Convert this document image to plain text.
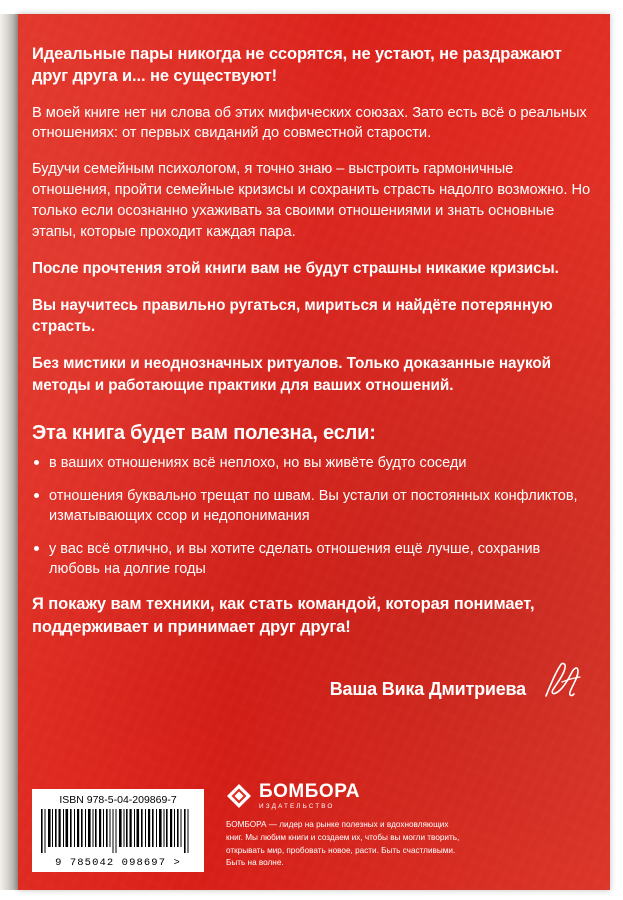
Идеальные пары никогда не ссорятся, не устают, не раздражают друг друга и... не существуют!

В моей книге нет ни слова об этих мифических союзах. Зато есть всё о реальных отношениях: от первых свиданий до совместной старости.

Будучи семейным психологом, я точно знаю – выстроить гармоничные отношения, пройти семейные кризисы и сохранить страсть надолго возможно. Но только если осознанно ухаживать за своими отношениями и знать основные этапы, которые проходит каждая пара.

После прочтения этой книги вам не будут страшны никакие кризисы.

Вы научитесь правильно ругаться, мириться и найдёте потерянную страсть.

Без мистики и неоднозначных ритуалов. Только доказанные наукой методы и работающие практики для ваших отношений.

Эта книга будет вам полезна, если:
в ваших отношениях всё неплохо, но вы живёте будто соседи
отношения буквально трещат по швам. Вы устали от постоянных конфликтов, изматывающих ссор и недопонимания
у вас всё отлично, и вы хотите сделать отношения ещё лучше, сохранив любовь на долгие годы

Я покажу вам техники, как стать командой, которая понимает, поддерживает и принимает друг друга!

Ваша Вика Дмитриева
ISBN 978-5-04-209869-7
9 785042 098697 >
БОМБОРА
ИЗДАТЕЛЬСТВО
БОМБОРА — лидер на рынке полезных и вдохновляющих книг. Мы любим книги и создаем их, чтобы вы могли творить, открывать мир, пробовать новое, расти. Быть счастливыми. Быть на волне.
